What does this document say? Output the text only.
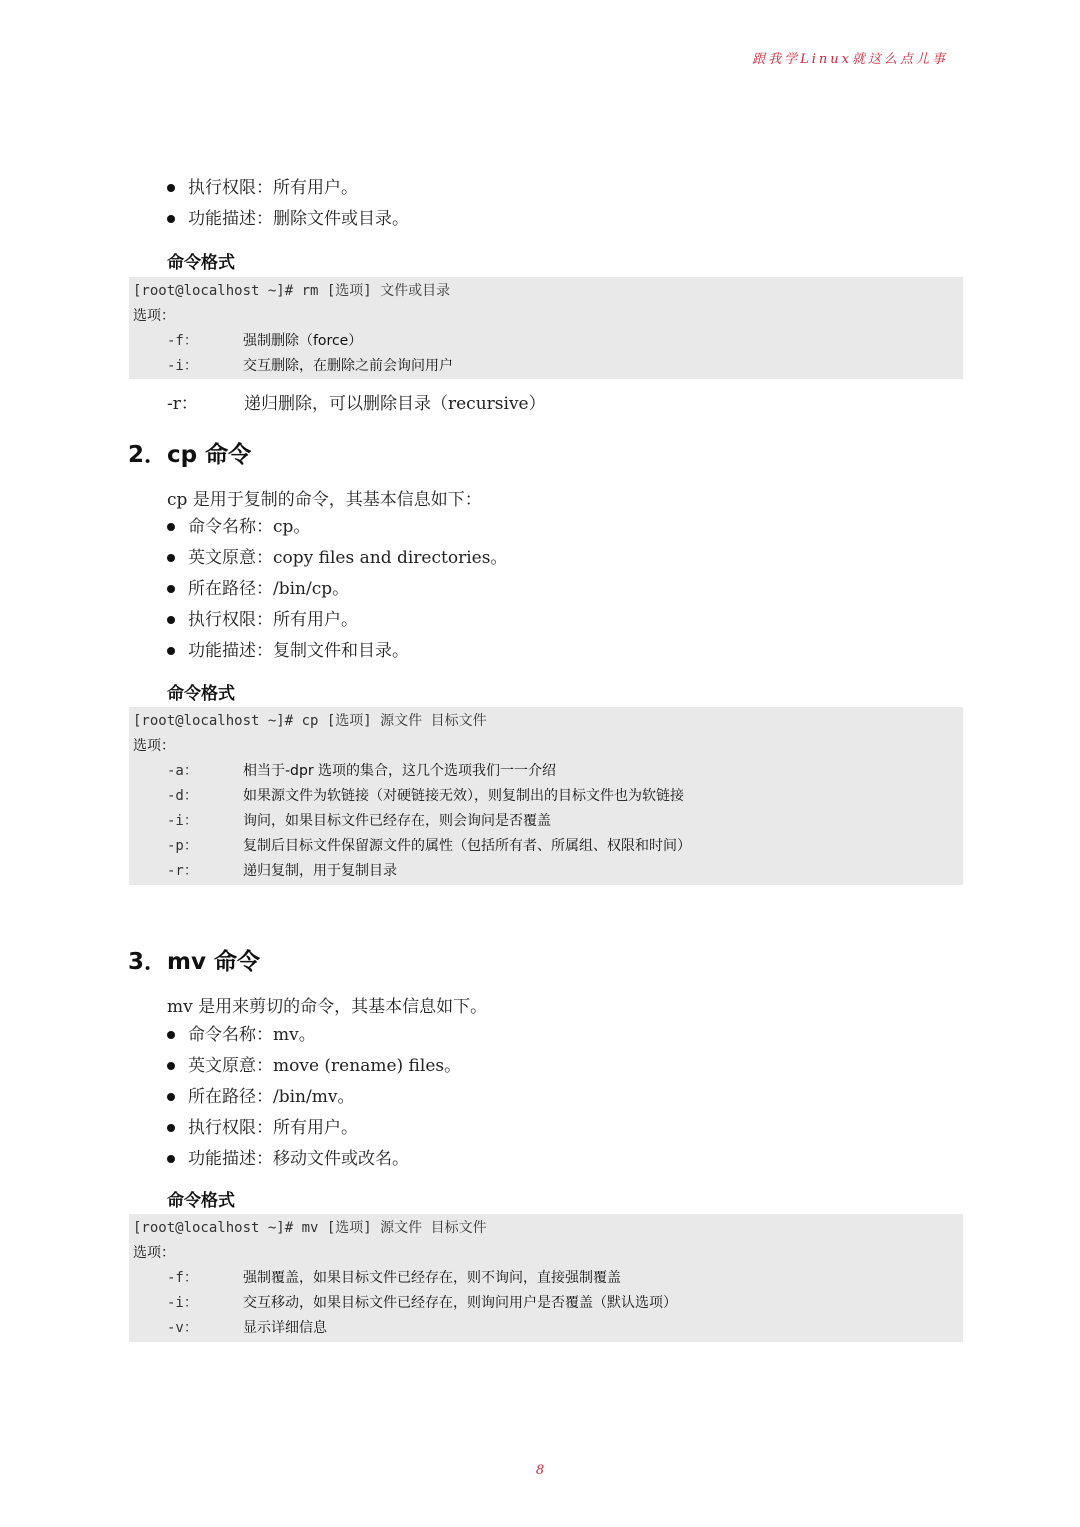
跟我学Linux就这么点儿事
执行权限：所有用户。
功能描述：删除文件或目录。
命令格式
[root@localhost ~]# rm [选项] 文件或目录
选项：
-f：	强制删除（force）
-i：	交互删除，在删除之前会询问用户
-r：	递归删除，可以删除目录（recursive）
2．cp 命令
cp 是用于复制的命令，其基本信息如下：
命令名称：cp。
英文原意：copy files and directories。
所在路径：/bin/cp。
执行权限：所有用户。
功能描述：复制文件和目录。
命令格式
[root@localhost ~]# cp [选项] 源文件 目标文件
选项：
-a：	相当于-dpr 选项的集合，这几个选项我们一一介绍
-d：	如果源文件为软链接（对硬链接无效），则复制出的目标文件也为软链接
-i：	询问，如果目标文件已经存在，则会询问是否覆盖
-p：	复制后目标文件保留源文件的属性（包括所有者、所属组、权限和时间）
-r：	递归复制，用于复制目录
3．mv 命令
mv 是用来剪切的命令，其基本信息如下。
命令名称：mv。
英文原意：move (rename) files。
所在路径：/bin/mv。
执行权限：所有用户。
功能描述：移动文件或改名。
命令格式
[root@localhost ~]# mv [选项] 源文件 目标文件
选项：
-f：	强制覆盖，如果目标文件已经存在，则不询问，直接强制覆盖
-i：	交互移动，如果目标文件已经存在，则询问用户是否覆盖（默认选项）
-v：	显示详细信息
8
